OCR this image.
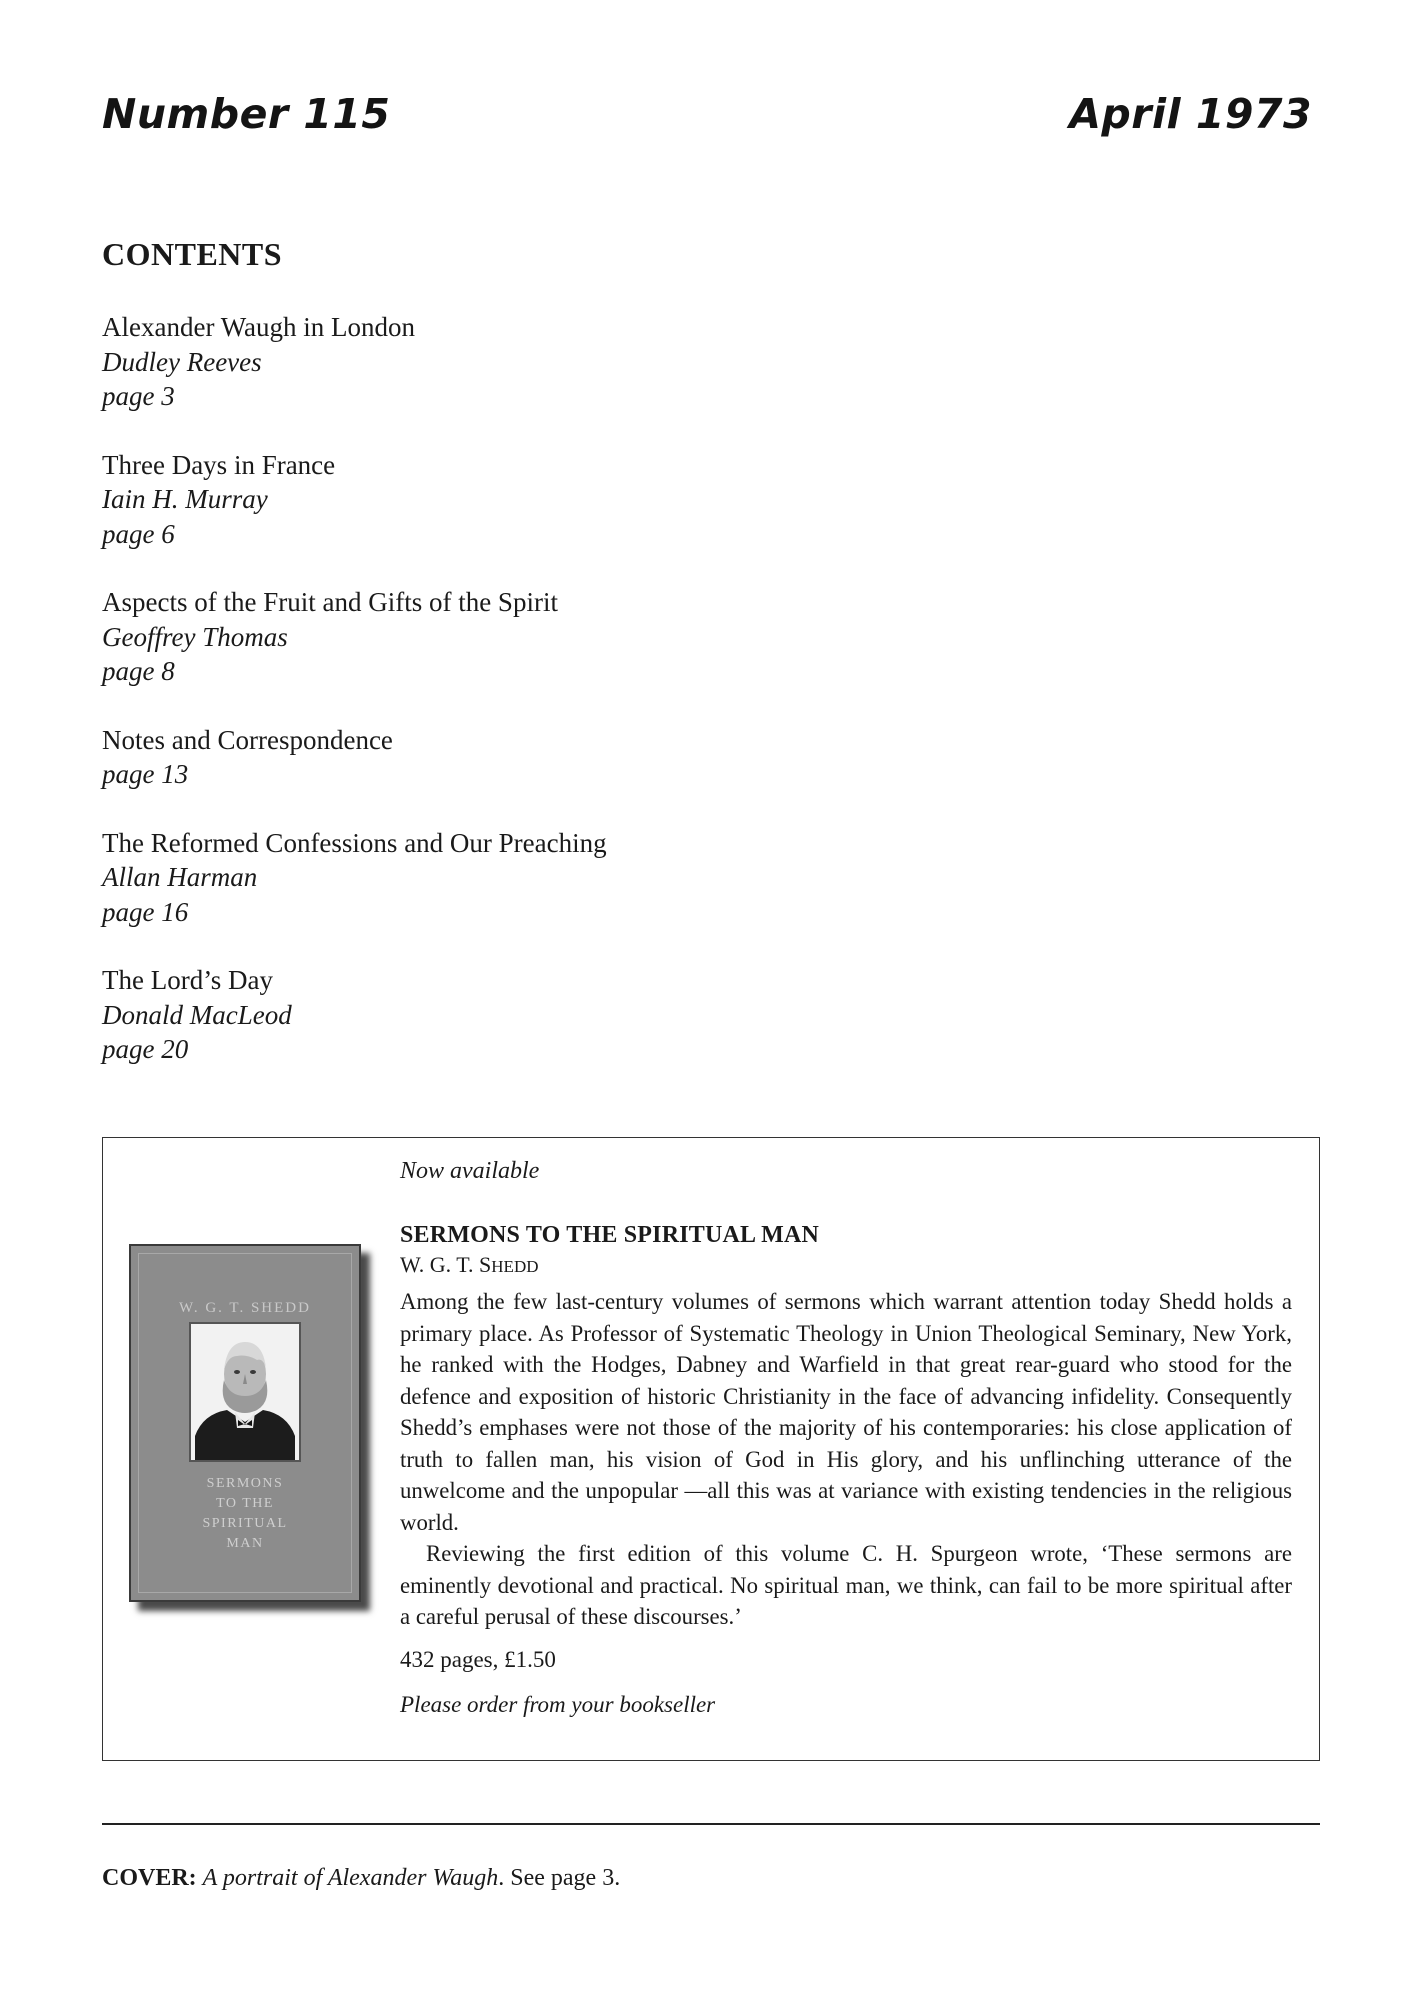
Number 115	April 1973
CONTENTS
Alexander Waugh in London
Dudley Reeves
page 3
Three Days in France
Iain H. Murray
page 6
Aspects of the Fruit and Gifts of the Spirit
Geoffrey Thomas
page 8
Notes and Correspondence
page 13
The Reformed Confessions and Our Preaching
Allan Harman
page 16
The Lord’s Day
Donald MacLeod
page 20
W. G. T. SHEDD
SERMONS
TO THE
SPIRITUAL
MAN
Now available
SERMONS TO THE SPIRITUAL MAN
W. G. T. SHEDD

Among the few last-century volumes of sermons which warrant attention today Shedd holds a primary place. As Professor of Systematic Theology in Union Theological Seminary, New York, he ranked with the Hodges, Dabney and Warfield in that great rear-guard who stood for the defence and exposition of historic Christianity in the face of advancing infidelity. Consequently Shedd’s emphases were not those of the majority of his contemporaries: his close application of truth to fallen man, his vision of God in His glory, and his unflinching utterance of the unwelcome and the unpopular —all this was at variance with existing tendencies in the religious world.

Reviewing the first edition of this volume C. H. Spurgeon wrote, ‘These sermons are eminently devotional and practical. No spiritual man, we think, can fail to be more spiritual after a careful perusal of these discourses.’

432 pages, £1.50
Please order from your bookseller
COVER: A portrait of Alexander Waugh. See page 3.
